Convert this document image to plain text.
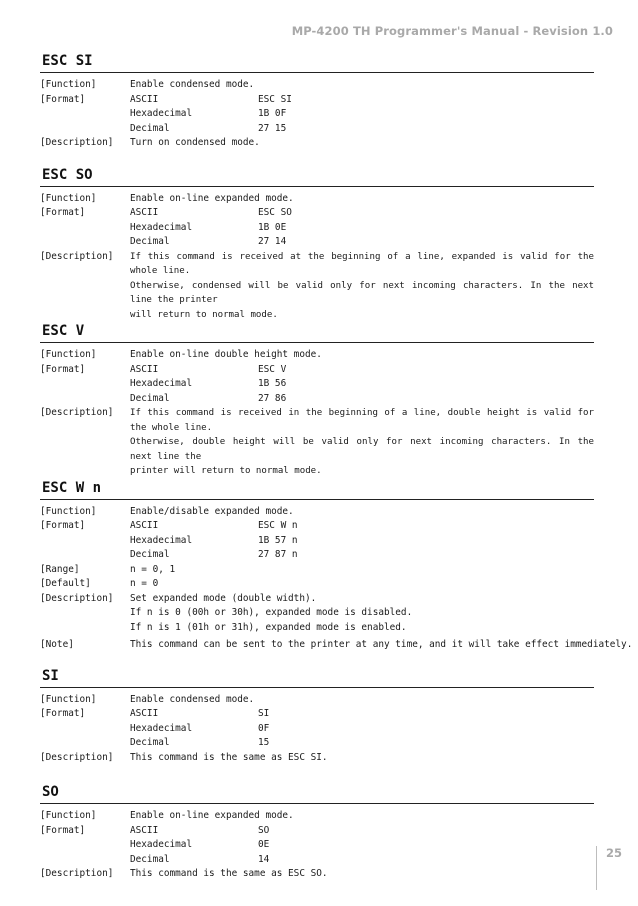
MP-4200 TH Programmer's Manual - Revision 1.0
ESC SI
[Function]	Enable condensed mode.
[Format]	ASCII	ESC SI
Hexadecimal	1B 0F
Decimal	27 15
[Description]	Turn on condensed mode.
ESC SO
[Function]	Enable on-line expanded mode.
[Format]	ASCII	ESC SO
Hexadecimal	1B 0E
Decimal	27 14
[Description]	If this command is received at the beginning of a line, expanded is valid for the whole line.
Otherwise, condensed will be valid only for next incoming characters. In the next line the printer
will return to normal mode.
ESC V
[Function]	Enable on-line double height mode.
[Format]	ASCII	ESC V
Hexadecimal	1B 56
Decimal	27 86
[Description]	If this command is received in the beginning of a line, double height is valid for the whole line.
Otherwise, double height will be valid only for next incoming characters. In the next line the
printer will return to normal mode.
ESC W n
[Function]	Enable/disable expanded mode.
[Format]	ASCII	ESC W n
Hexadecimal	1B 57 n
Decimal	27 87 n
[Range]	n = 0, 1
[Default]	n = 0
[Description]	Set expanded mode (double width).
If n is 0 (00h or 30h), expanded mode is disabled.
If n is 1 (01h or 31h), expanded mode is enabled.
[Note]	This command can be sent to the printer at any time, and it will take effect immediately.
SI
[Function]	Enable condensed mode.
[Format]	ASCII	SI
Hexadecimal	0F
Decimal	15
[Description]	This command is the same as ESC SI.
SO
[Function]	Enable on-line expanded mode.
[Format]	ASCII	SO
Hexadecimal	0E
Decimal	14
[Description]	This command is the same as ESC SO.
25
